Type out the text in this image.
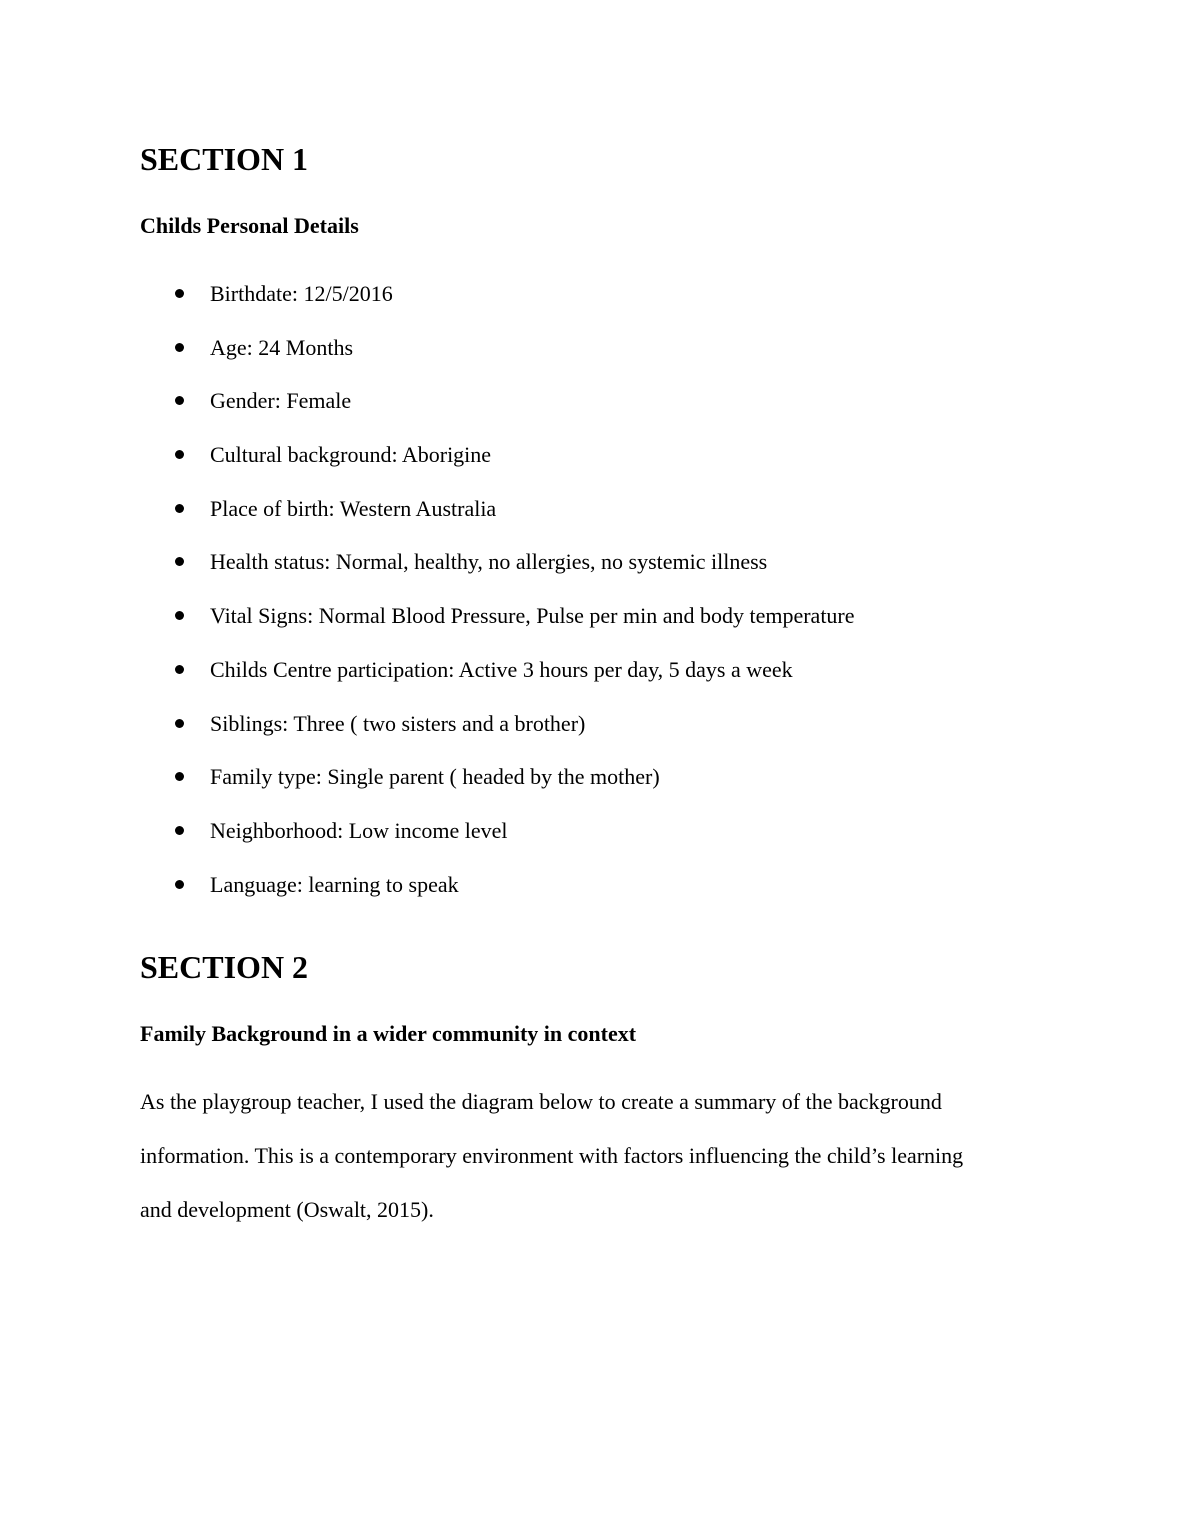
SECTION 1
Childs Personal Details
Birthdate: 12/5/2016
Age: 24 Months
Gender: Female
Cultural background: Aborigine
Place of birth: Western Australia
Health status: Normal, healthy, no allergies, no systemic illness
Vital Signs: Normal Blood Pressure, Pulse per min and body temperature
Childs Centre participation: Active 3 hours per day, 5 days a week
Siblings: Three ( two sisters and a brother)
Family type: Single parent ( headed by the mother)
Neighborhood: Low income level
Language: learning to speak
SECTION 2
Family Background in a wider community in context

As the playgroup teacher, I used the diagram below to create a summary of the background
information. This is a contemporary environment with factors influencing the child’s learning
and development (Oswalt, 2015).
